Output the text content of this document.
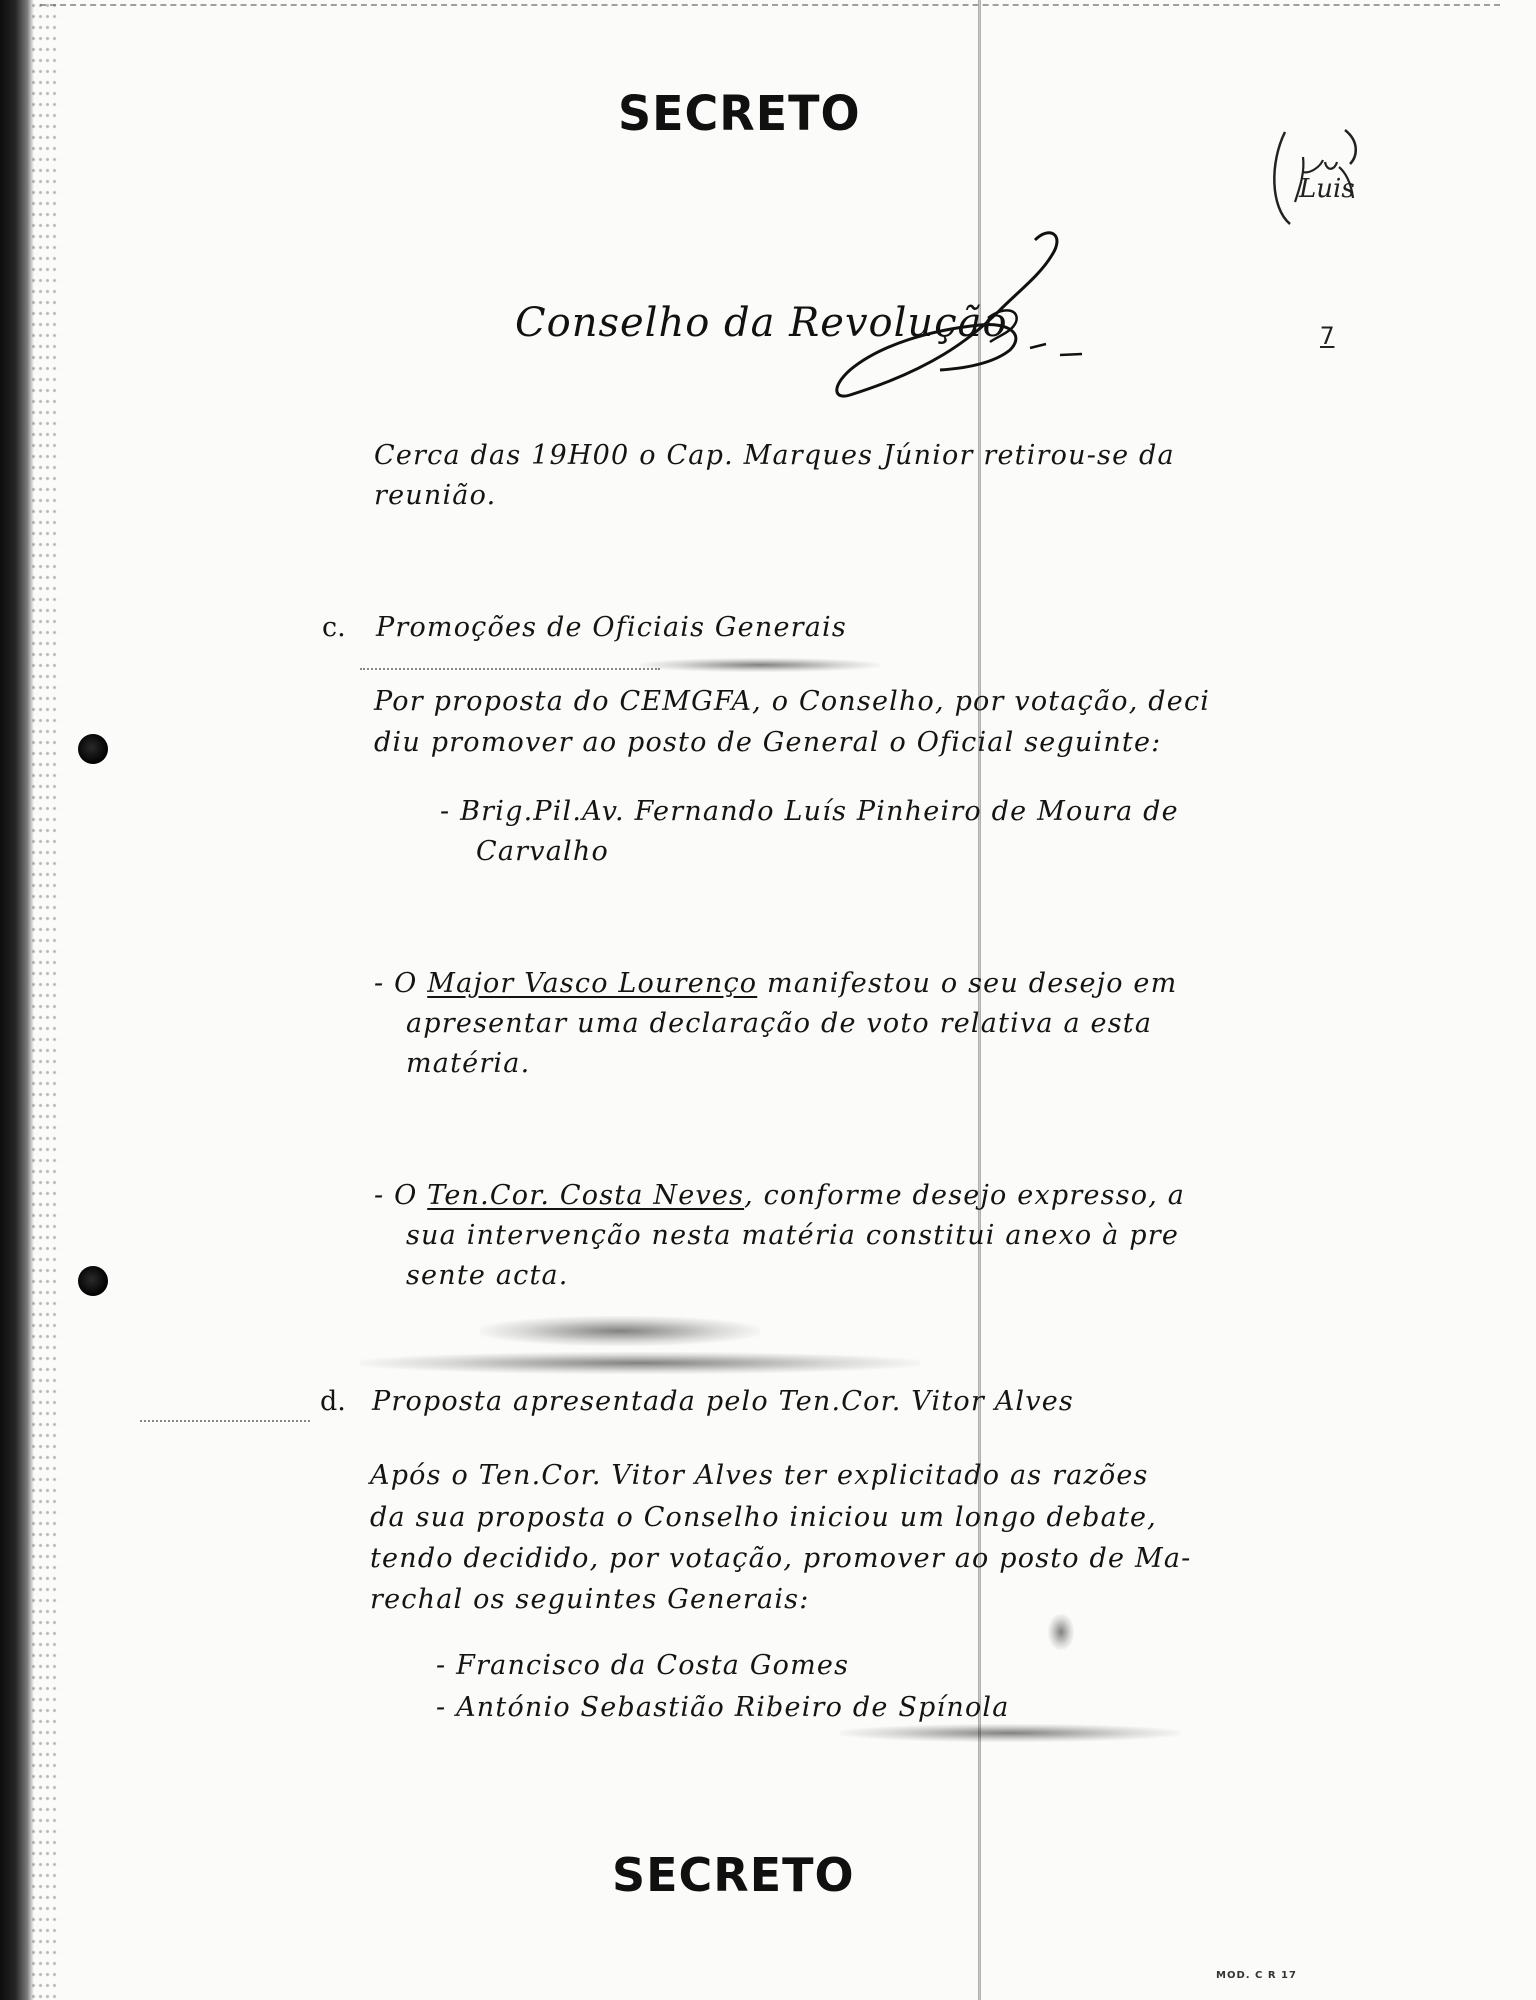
SECRETO
Luis
Conselho da Revolução	7
Cerca das 19H00 o Cap. Marques Júnior retirou-se da
reunião.
c. Promoções de Oficiais Generais
Por proposta do CEMGFA, o Conselho, por votação, deci
diu promover ao posto de General o Oficial seguinte:
- Brig.Pil.Av. Fernando Luís Pinheiro de Moura de
Carvalho
- O Major Vasco Lourenço manifestou o seu desejo em
apresentar uma declaração de voto relativa a esta
matéria.
- O Ten.Cor. Costa Neves, conforme desejo expresso, a
sua intervenção nesta matéria constitui anexo à pre
sente acta.
d. Proposta apresentada pelo Ten.Cor. Vitor Alves
Após o Ten.Cor. Vitor Alves ter explicitado as razões
da sua proposta o Conselho iniciou um longo debate,
tendo decidido, por votação, promover ao posto de Ma-
rechal os seguintes Generais:
- Francisco da Costa Gomes
- António Sebastião Ribeiro de Spínola
SECRETO
MOD. C R 17
